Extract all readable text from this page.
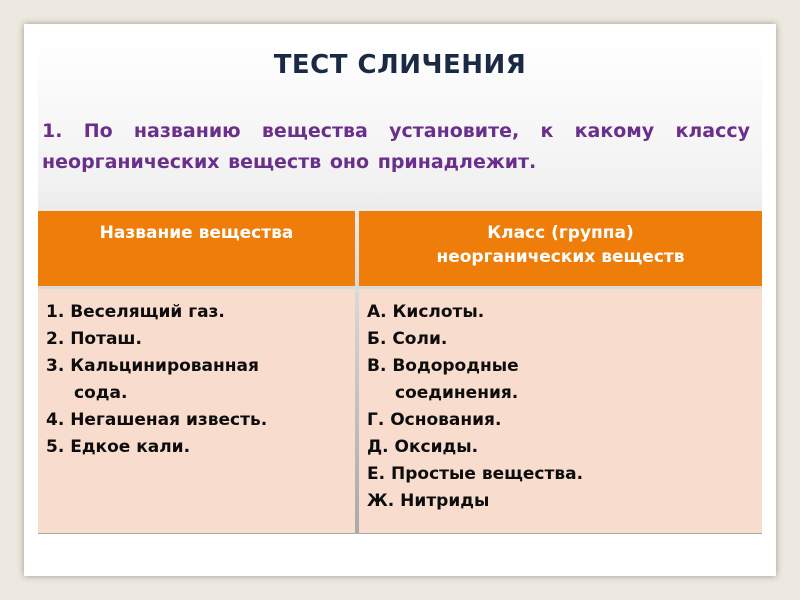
ТЕСТ СЛИЧЕНИЯ
1. По названию вещества установите, к какому классу неорганических веществ оно принадлежит.
Название вещества	Класс (группа)
неорганических веществ
1. Веселящий газ.
2. Поташ.
3. Кальцинированная
сода.
4. Негашеная известь.
5. Едкое кали.
А. Кислоты.
Б. Соли.
В. Водородные
соединения.
Г. Основания.
Д. Оксиды.
Е. Простые вещества.
Ж. Нитриды
